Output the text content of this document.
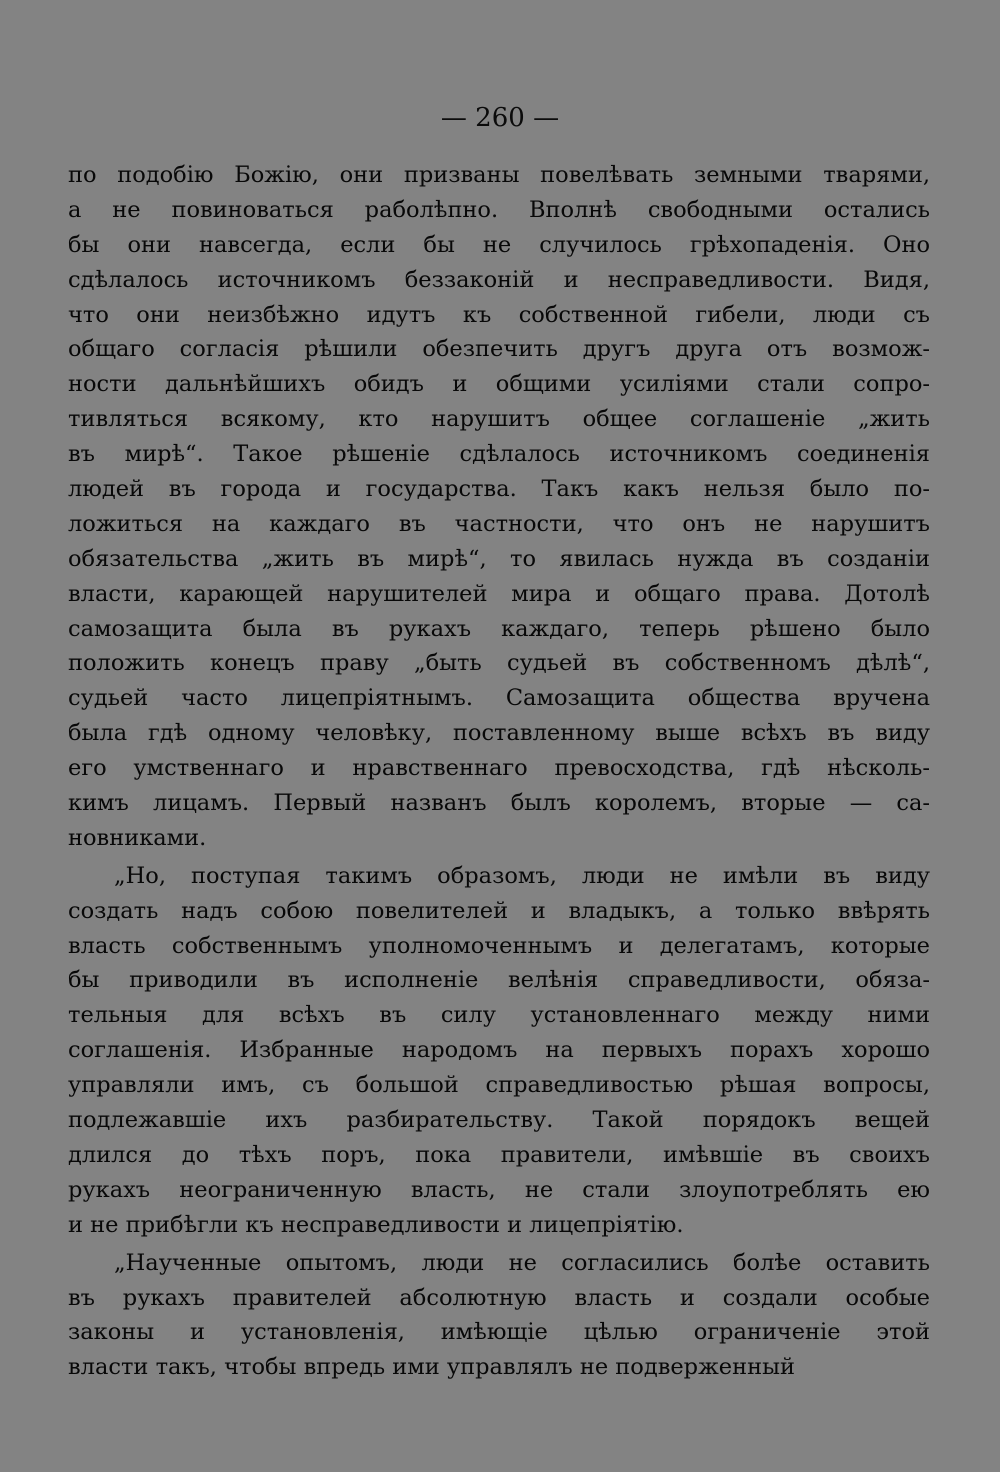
— 260 —
по подобію Божію, они призваны повелѣвать земными тварями,
а не повиноваться раболѣпно. Вполнѣ свободными остались
бы они навсегда, если бы не случилось грѣхопаденія. Оно
сдѣлалось источникомъ беззаконій и несправедливости. Видя,
что они неизбѣжно идутъ къ собственной гибели, люди съ
общаго согласія рѣшили обезпечить другъ друга отъ возмож-
ности дальнѣйшихъ обидъ и общими усиліями стали сопро-
тивляться всякому, кто нарушитъ общее соглашеніе „жить
въ мирѣ“. Такое рѣшеніе сдѣлалось источникомъ соединенія
людей въ города и государства. Такъ какъ нельзя было по-
ложиться на каждаго въ частности, что онъ не нарушитъ
обязательства „жить въ мирѣ“, то явилась нужда въ созданіи
власти, карающей нарушителей мира и общаго права. Дотолѣ
самозащита была въ рукахъ каждаго, теперь рѣшено было
положить конецъ праву „быть судьей въ собственномъ дѣлѣ“,
судьей часто лицепріятнымъ. Самозащита общества вручена
была гдѣ одному человѣку, поставленному выше всѣхъ въ виду
его умственнаго и нравственнаго превосходства, гдѣ нѣсколь-
кимъ лицамъ. Первый названъ былъ королемъ, вторые — са-
новниками.
„Но, поступая такимъ образомъ, люди не имѣли въ виду
создать надъ собою повелителей и владыкъ, а только ввѣрять
власть собственнымъ уполномоченнымъ и делегатамъ, которые
бы приводили въ исполненіе велѣнія справедливости, обяза-
тельныя для всѣхъ въ силу установленнаго между ними
соглашенія. Избранные народомъ на первыхъ порахъ хорошо
управляли имъ, съ большой справедливостью рѣшая вопросы,
подлежавшіе ихъ разбирательству. Такой порядокъ вещей
длился до тѣхъ поръ, пока правители, имѣвшіе въ своихъ
рукахъ неограниченную власть, не стали злоупотреблять ею
и не прибѣгли къ несправедливости и лицепріятію.
„Наученные опытомъ, люди не согласились болѣе оставить
въ рукахъ правителей абсолютную власть и создали особые
законы и установленія, имѣющіе цѣлью ограниченіе этой
власти такъ, чтобы впредь ими управлялъ не подверженный
